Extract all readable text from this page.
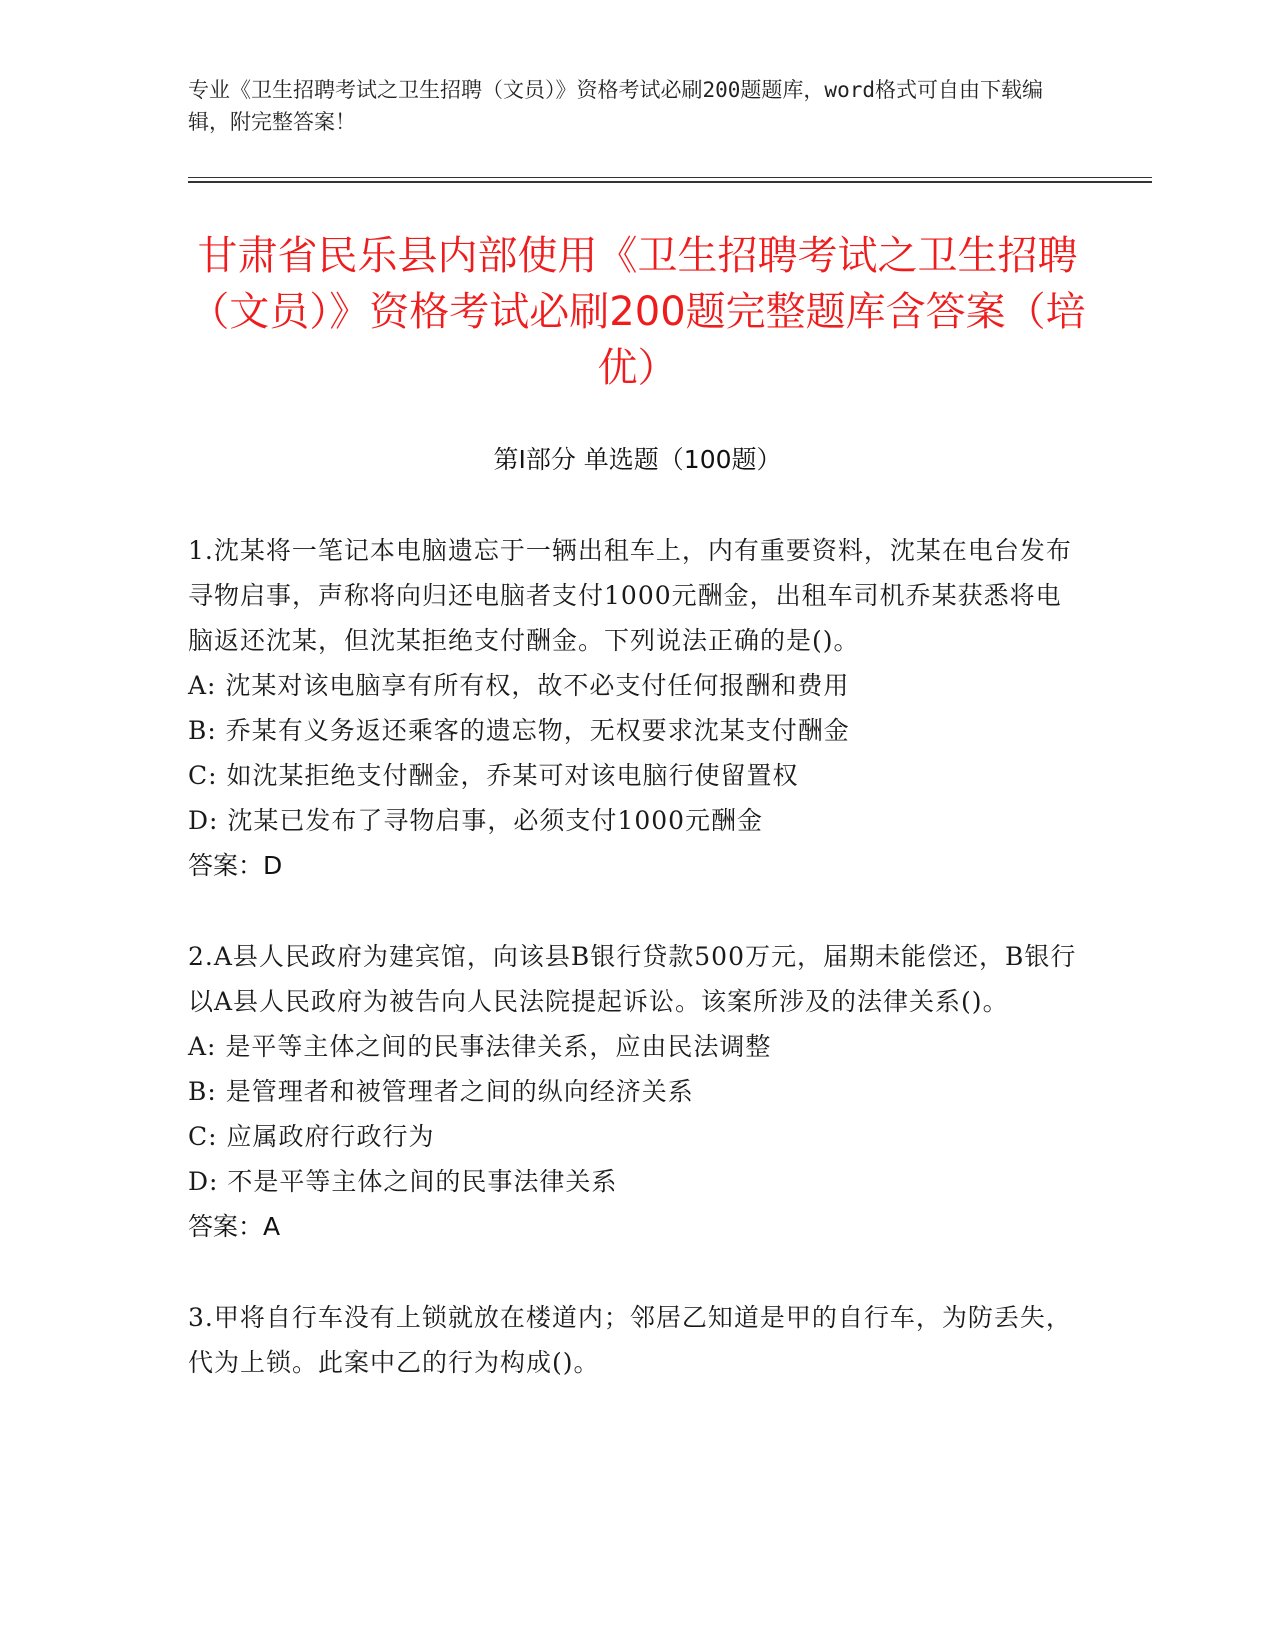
专业《卫生招聘考试之卫生招聘（文员）》资格考试必刷200题题库，word格式可自由下载编辑，附完整答案！
甘肃省民乐县内部使用《卫生招聘考试之卫生招聘（文员）》资格考试必刷200题完整题库含答案（培优）
第Ⅰ部分 单选题（100题）
1.沈某将一笔记本电脑遗忘于一辆出租车上，内有重要资料，沈某在电台发布寻物启事，声称将向归还电脑者支付1000元酬金，出租车司机乔某获悉将电脑返还沈某，但沈某拒绝支付酬金。下列说法正确的是()。
A: 沈某对该电脑享有所有权，故不必支付任何报酬和费用
B: 乔某有义务返还乘客的遗忘物，无权要求沈某支付酬金
C: 如沈某拒绝支付酬金，乔某可对该电脑行使留置权
D: 沈某已发布了寻物启事，必须支付1000元酬金
答案：D
2.A县人民政府为建宾馆，向该县B银行贷款500万元，届期未能偿还，B银行以A县人民政府为被告向人民法院提起诉讼。该案所涉及的法律关系()。
A: 是平等主体之间的民事法律关系，应由民法调整
B: 是管理者和被管理者之间的纵向经济关系
C: 应属政府行政行为
D: 不是平等主体之间的民事法律关系
答案：A
3.甲将自行车没有上锁就放在楼道内；邻居乙知道是甲的自行车，为防丢失，代为上锁。此案中乙的行为构成()。
